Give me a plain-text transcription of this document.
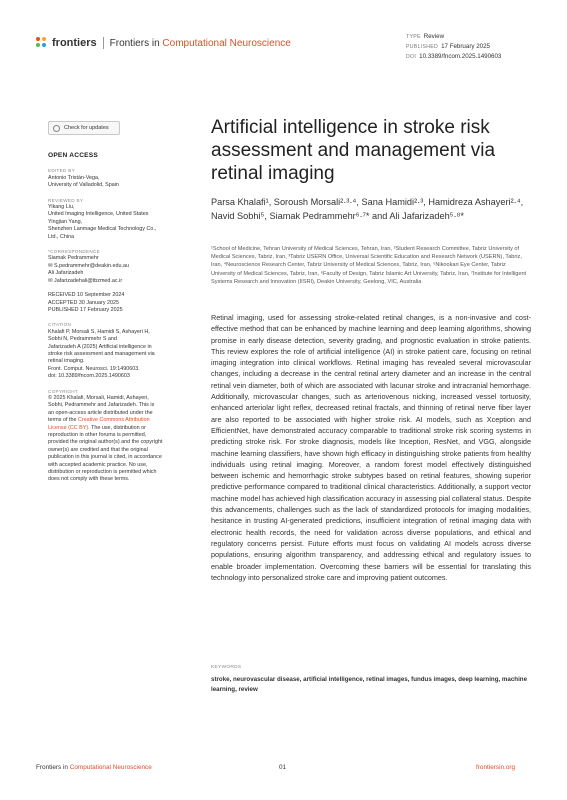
frontiers Frontiers in Computational Neuroscience
TYPE Review
PUBLISHED 17 February 2025
DOI 10.3389/fncom.2025.1490603
Check for updates
OPEN ACCESS
EDITED BY

Antonio Tristán-Vega,

University of Valladolid, Spain

REVIEWED BY

Yikang Liu,

United Imaging Intelligence, United States

Yingjian Yang,

Shenzhen Lanmage Medical Technology Co.,

Ltd., China

*CORRESPONDENCE

Siamak Pedrammehr

✉ S.pedrammehr@deakin.edu.au

Ali Jafarizadeh

✉ Jafarizadehali@tbzmed.ac.ir

RECEIVED 10 September 2024

ACCEPTED 30 January 2025

PUBLISHED 17 February 2025

CITATION

Khalafi P, Morsali S, Hamidi S, Ashayeri H,

Sobhi N, Pedrammehr S and

Jafarizadeh A (2025) Artificial intelligence in

stroke risk assessment and management via

retinal imaging.

Front. Comput. Neurosci. 19:1490603.

doi: 10.3389/fncom.2025.1490603

COPYRIGHT

© 2025 Khalafi, Morsali, Hamidi, Ashayeri,

Sobhi, Pedrammehr and Jafarizadeh. This is

an open-access article distributed under the

terms of the Creative Commons Attribution License (CC BY). The use, distribution or reproduction in other forums is permitted, provided the original author(s) and the copyright owner(s) are credited and that the original publication in this journal is cited, in accordance with accepted academic practice. No use, distribution or reproduction is permitted which does not comply with these terms.

Artificial intelligence in stroke risk assessment and management via retinal imaging
Parsa Khalafi¹, Soroush Morsali²·³·⁴, Sana Hamidi²·³, Hamidreza Ashayeri²·⁴, Navid Sobhi⁵, Siamak Pedrammehr⁶·⁷* and Ali Jafarizadeh⁵·⁸*
¹School of Medicine, Tehran University of Medical Sciences, Tehran, Iran, ²Student Research Committee, Tabriz University of Medical Sciences, Tabriz, Iran, ³Tabriz USERN Office, Universal Scientific Education and Research Network (USERN), Tabriz, Iran, ⁴Neuroscience Research Center, Tabriz University of Medical Sciences, Tabriz, Iran, ⁵Nikookari Eye Center, Tabriz University of Medical Sciences, Tabriz, Iran, ⁶Faculty of Design, Tabriz Islamic Art University, Tabriz, Iran, ⁷Institute for Intelligent Systems Research and Innovation (IISRI), Deakin University, Geelong, VIC, Australia
Retinal imaging, used for assessing stroke-related retinal changes, is a non-invasive and cost-effective method that can be enhanced by machine learning and deep learning algorithms, showing promise in early disease detection, severity grading, and prognostic evaluation in stroke patients. This review explores the role of artificial intelligence (AI) in stroke patient care, focusing on retinal imaging integration into clinical workflows. Retinal imaging has revealed several microvascular changes, including a decrease in the central retinal artery diameter and an increase in the central retinal vein diameter, both of which are associated with lacunar stroke and intracranial hemorrhage. Additionally, microvascular changes, such as arteriovenous nicking, increased vessel tortuosity, enhanced arteriolar light reflex, decreased retinal fractals, and thinning of retinal nerve fiber layer are also reported to be associated with higher stroke risk. AI models, such as Xception and EfficientNet, have demonstrated accuracy comparable to traditional stroke risk scoring systems in predicting stroke risk. For stroke diagnosis, models like Inception, ResNet, and VGG, alongside machine learning classifiers, have shown high efficacy in distinguishing stroke patients from healthy individuals using retinal imaging. Moreover, a random forest model effectively distinguished between ischemic and hemorrhagic stroke subtypes based on retinal features, showing superior predictive performance compared to traditional clinical characteristics. Additionally, a support vector machine model has achieved high classification accuracy in assessing pial collateral status. Despite this advancements, challenges such as the lack of standardized protocols for imaging modalities, hesitance in trusting AI-generated predictions, insufficient integration of retinal imaging data with electronic health records, the need for validation across diverse populations, and ethical and regulatory concerns persist. Future efforts must focus on validating AI models across diverse populations, ensuring algorithm transparency, and addressing ethical and regulatory issues to enable broader implementation. Overcoming these barriers will be essential for translating this technology into personalized stroke care and improving patient outcomes.
KEYWORDS
stroke, neurovascular disease, artificial intelligence, retinal images, fundus images, deep learning, machine learning, review
Frontiers in Computational Neuroscience	01	frontiersin.org
